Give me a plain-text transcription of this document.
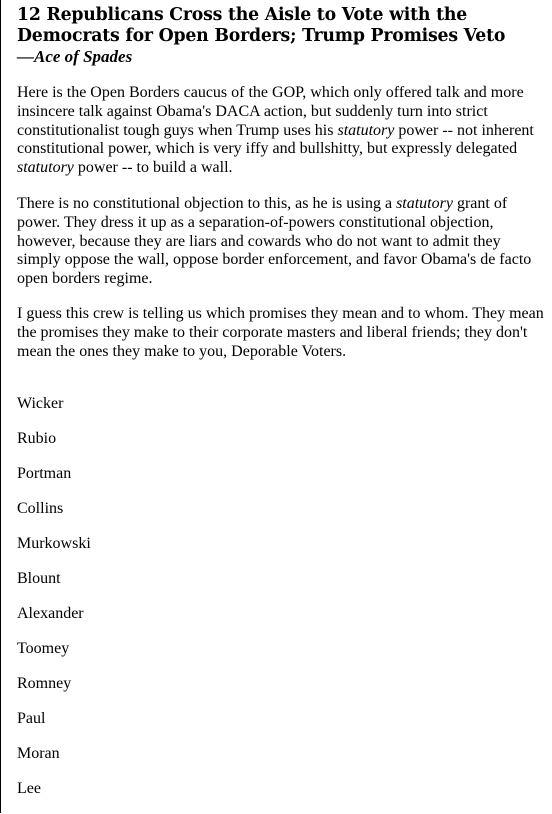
12 Republicans Cross the Aisle to Vote with the Democrats for Open Borders; Trump Promises Veto
—Ace of Spades

Here is the Open Borders caucus of the GOP, which only offered talk and more insincere talk against Obama's DACA action, but suddenly turn into strict constitutionalist tough guys when Trump uses his statutory power -- not inherent constitutional power, which is very iffy and bullshitty, but expressly delegated statutory power -- to build a wall.

There is no constitutional objection to this, as he is using a statutory grant of power. They dress it up as a separation-of-powers constitutional objection, however, because they are liars and cowards who do not want to admit they simply oppose the wall, oppose border enforcement, and favor Obama's de facto open borders regime.

I guess this crew is telling us which promises they mean and to whom. They mean the promises they make to their corporate masters and liberal friends; they don't mean the ones they make to you, Deporable Voters.

Wicker
Rubio
Portman
Collins
Murkowski
Blount
Alexander
Toomey
Romney
Paul
Moran
Lee
